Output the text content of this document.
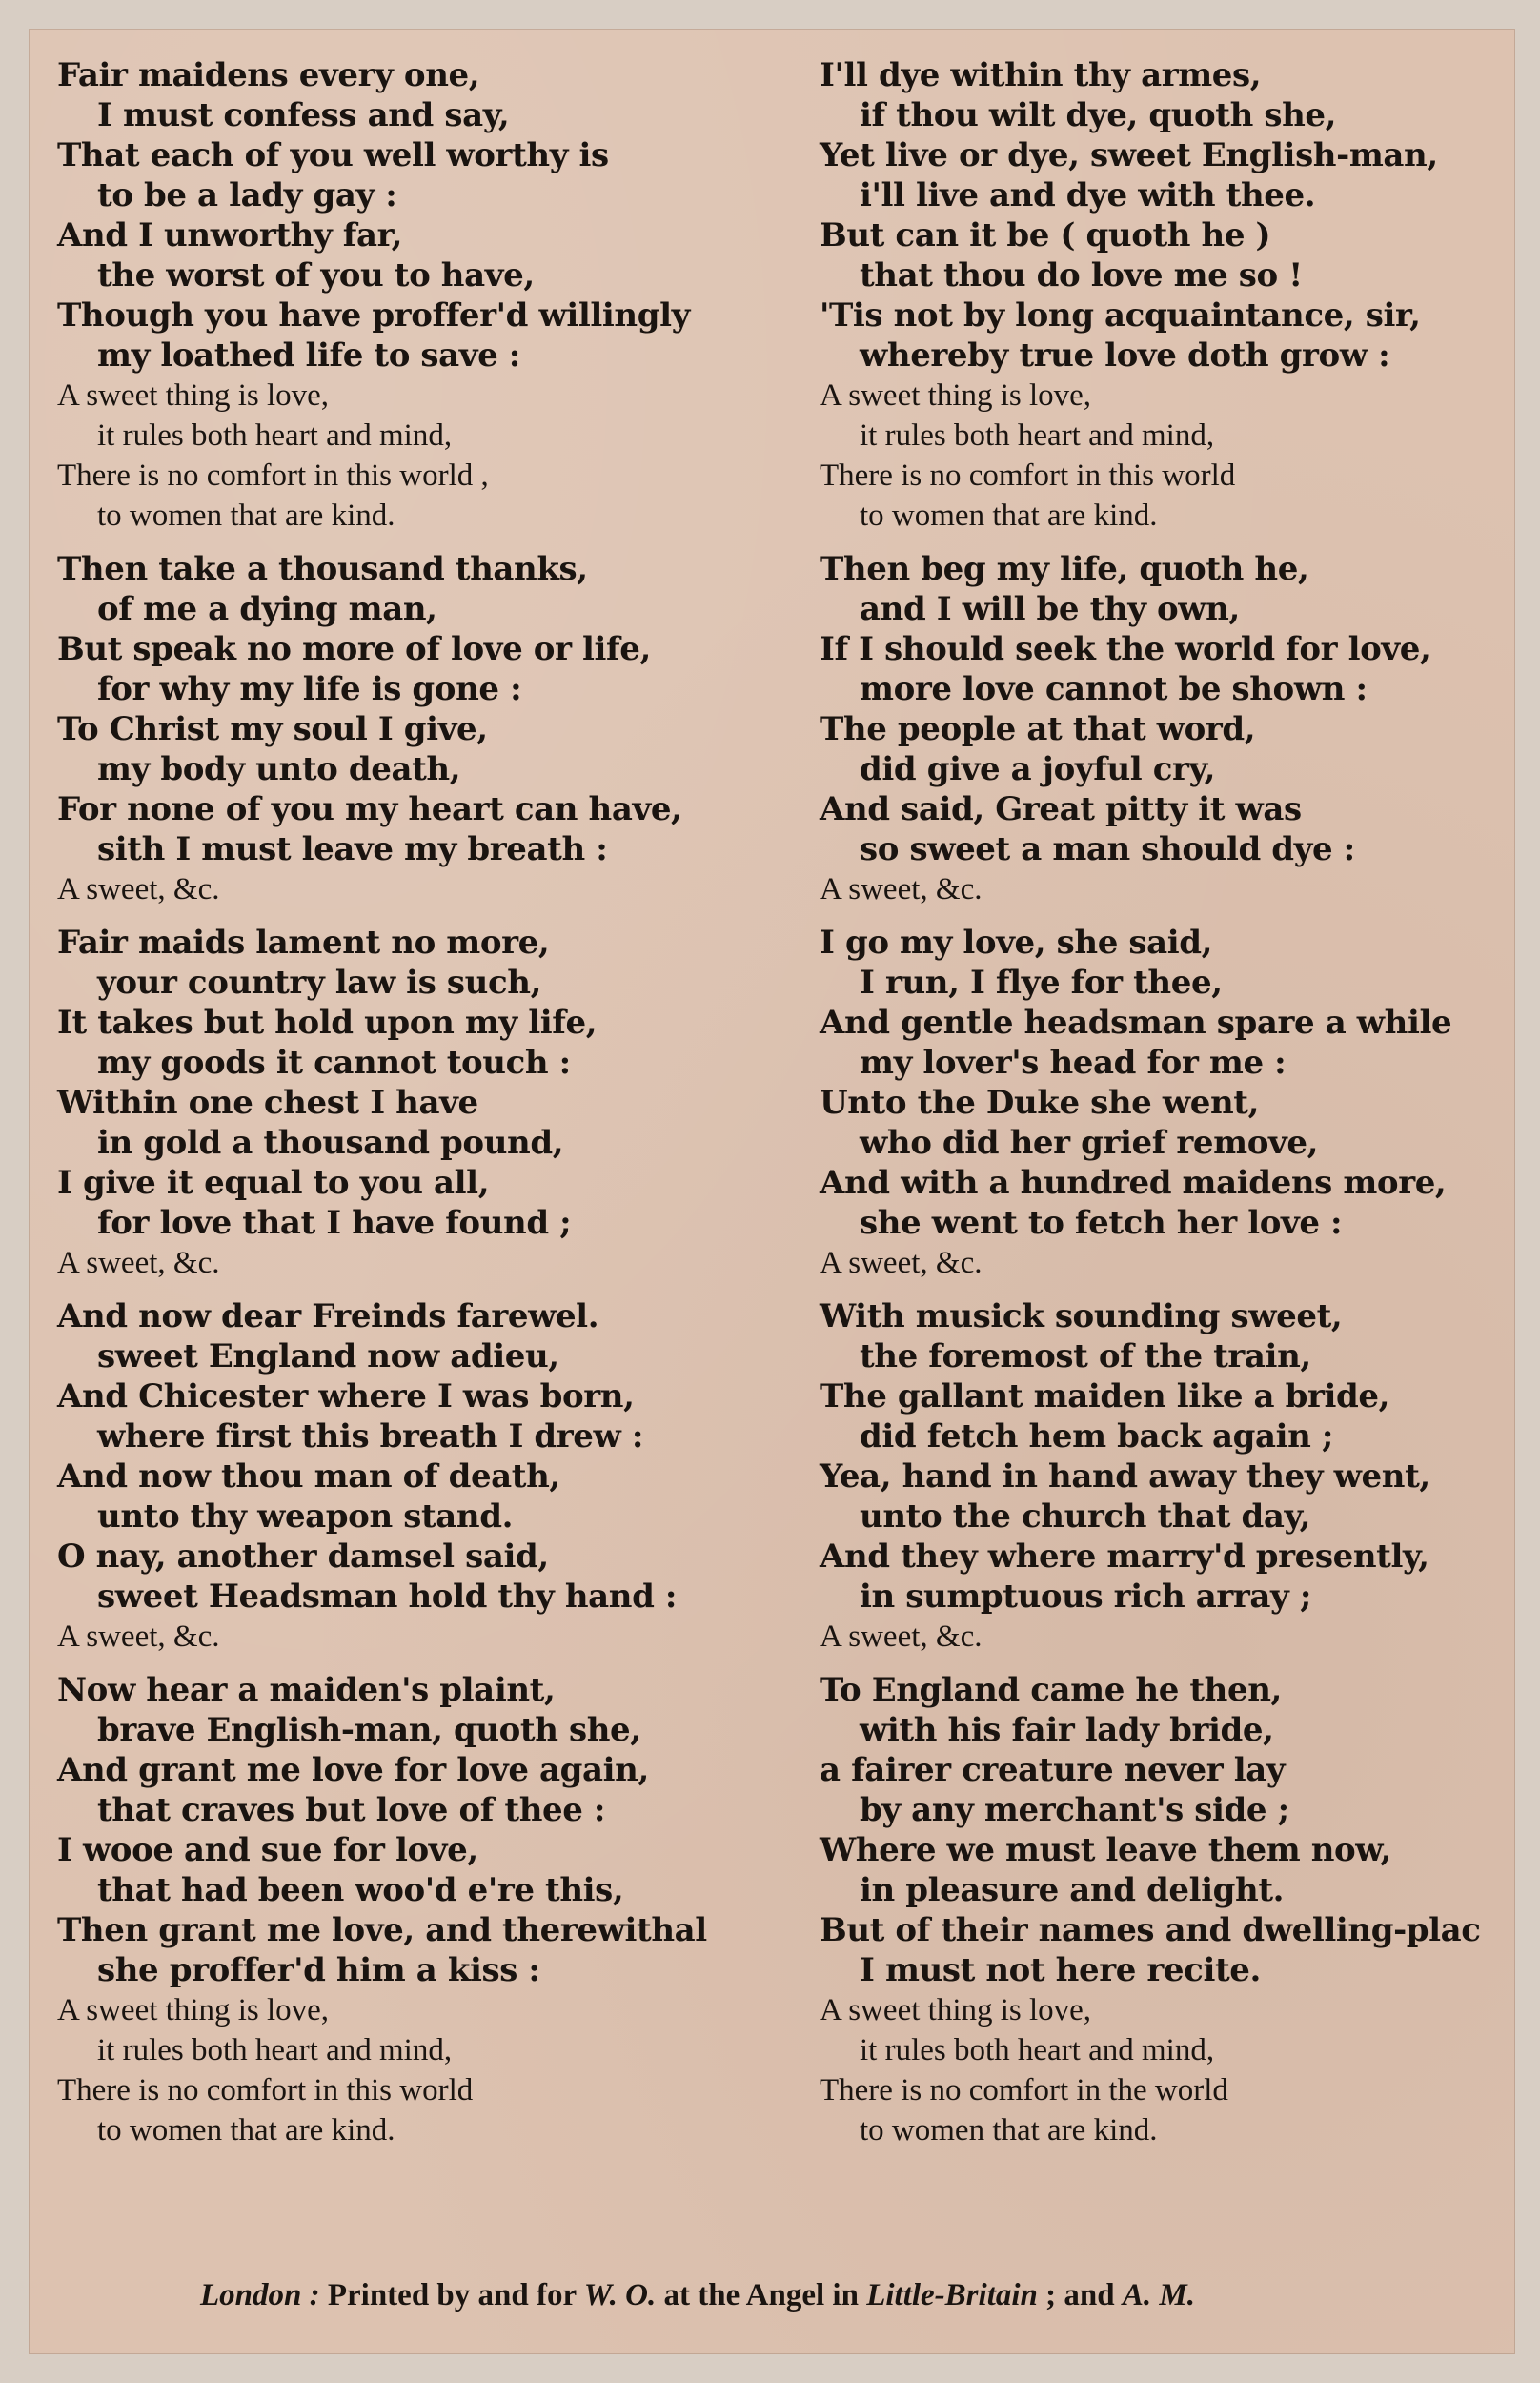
Fair maidens every one,
I must confess and say,
That each of you well worthy is
to be a lady gay :
And I unworthy far,
the worst of you to have,
Though you have proffer'd willingly
my loathed life to save :
A sweet thing is love,
it rules both heart and mind,
There is no comfort in this world ,
to women that are kind.
Then take a thousand thanks,
of me a dying man,
But speak no more of love or life,
for why my life is gone :
To Christ my soul I give,
my body unto death,
For none of you my heart can have,
sith I must leave my breath :
A sweet, &c.
Fair maids lament no more,
your country law is such,
It takes but hold upon my life,
my goods it cannot touch :
Within one chest I have
in gold a thousand pound,
I give it equal to you all,
for love that I have found ;
A sweet, &c.
And now dear Freinds farewel.
sweet England now adieu,
And Chicester where I was born,
where first this breath I drew :
And now thou man of death,
unto thy weapon stand.
O nay, another damsel said,
sweet Headsman hold thy hand :
A sweet, &c.
Now hear a maiden's plaint,
brave English-man, quoth she,
And grant me love for love again,
that craves but love of thee :
I wooe and sue for love,
that had been woo'd e're this,
Then grant me love, and therewithal
she proffer'd him a kiss :
A sweet thing is love,
it rules both heart and mind,
There is no comfort in this world
to women that are kind.
I'll dye within thy armes,
if thou wilt dye, quoth she,
Yet live or dye, sweet English-man,
i'll live and dye with thee.
But can it be ( quoth he )
that thou do love me so !
'Tis not by long acquaintance, sir,
whereby true love doth grow :
A sweet thing is love,
it rules both heart and mind,
There is no comfort in this world
to women that are kind.
Then beg my life, quoth he,
and I will be thy own,
If I should seek the world for love,
more love cannot be shown :
The people at that word,
did give a joyful cry,
And said, Great pitty it was
so sweet a man should dye :
A sweet, &c.
I go my love, she said,
I run, I flye for thee,
And gentle headsman spare a while
my lover's head for me :
Unto the Duke she went,
who did her grief remove,
And with a hundred maidens more,
she went to fetch her love :
A sweet, &c.
With musick sounding sweet,
the foremost of the train,
The gallant maiden like a bride,
did fetch hem back again ;
Yea, hand in hand away they went,
unto the church that day,
And they where marry'd presently,
in sumptuous rich array ;
A sweet, &c.
To England came he then,
with his fair lady bride,
a fairer creature never lay
by any merchant's side ;
Where we must leave them now,
in pleasure and delight.
But of their names and dwelling-plac
I must not here recite.
A sweet thing is love,
it rules both heart and mind,
There is no comfort in the world
to women that are kind.
London : Printed by and for W. O. at the Angel in Little-Britain ; and A. M.
